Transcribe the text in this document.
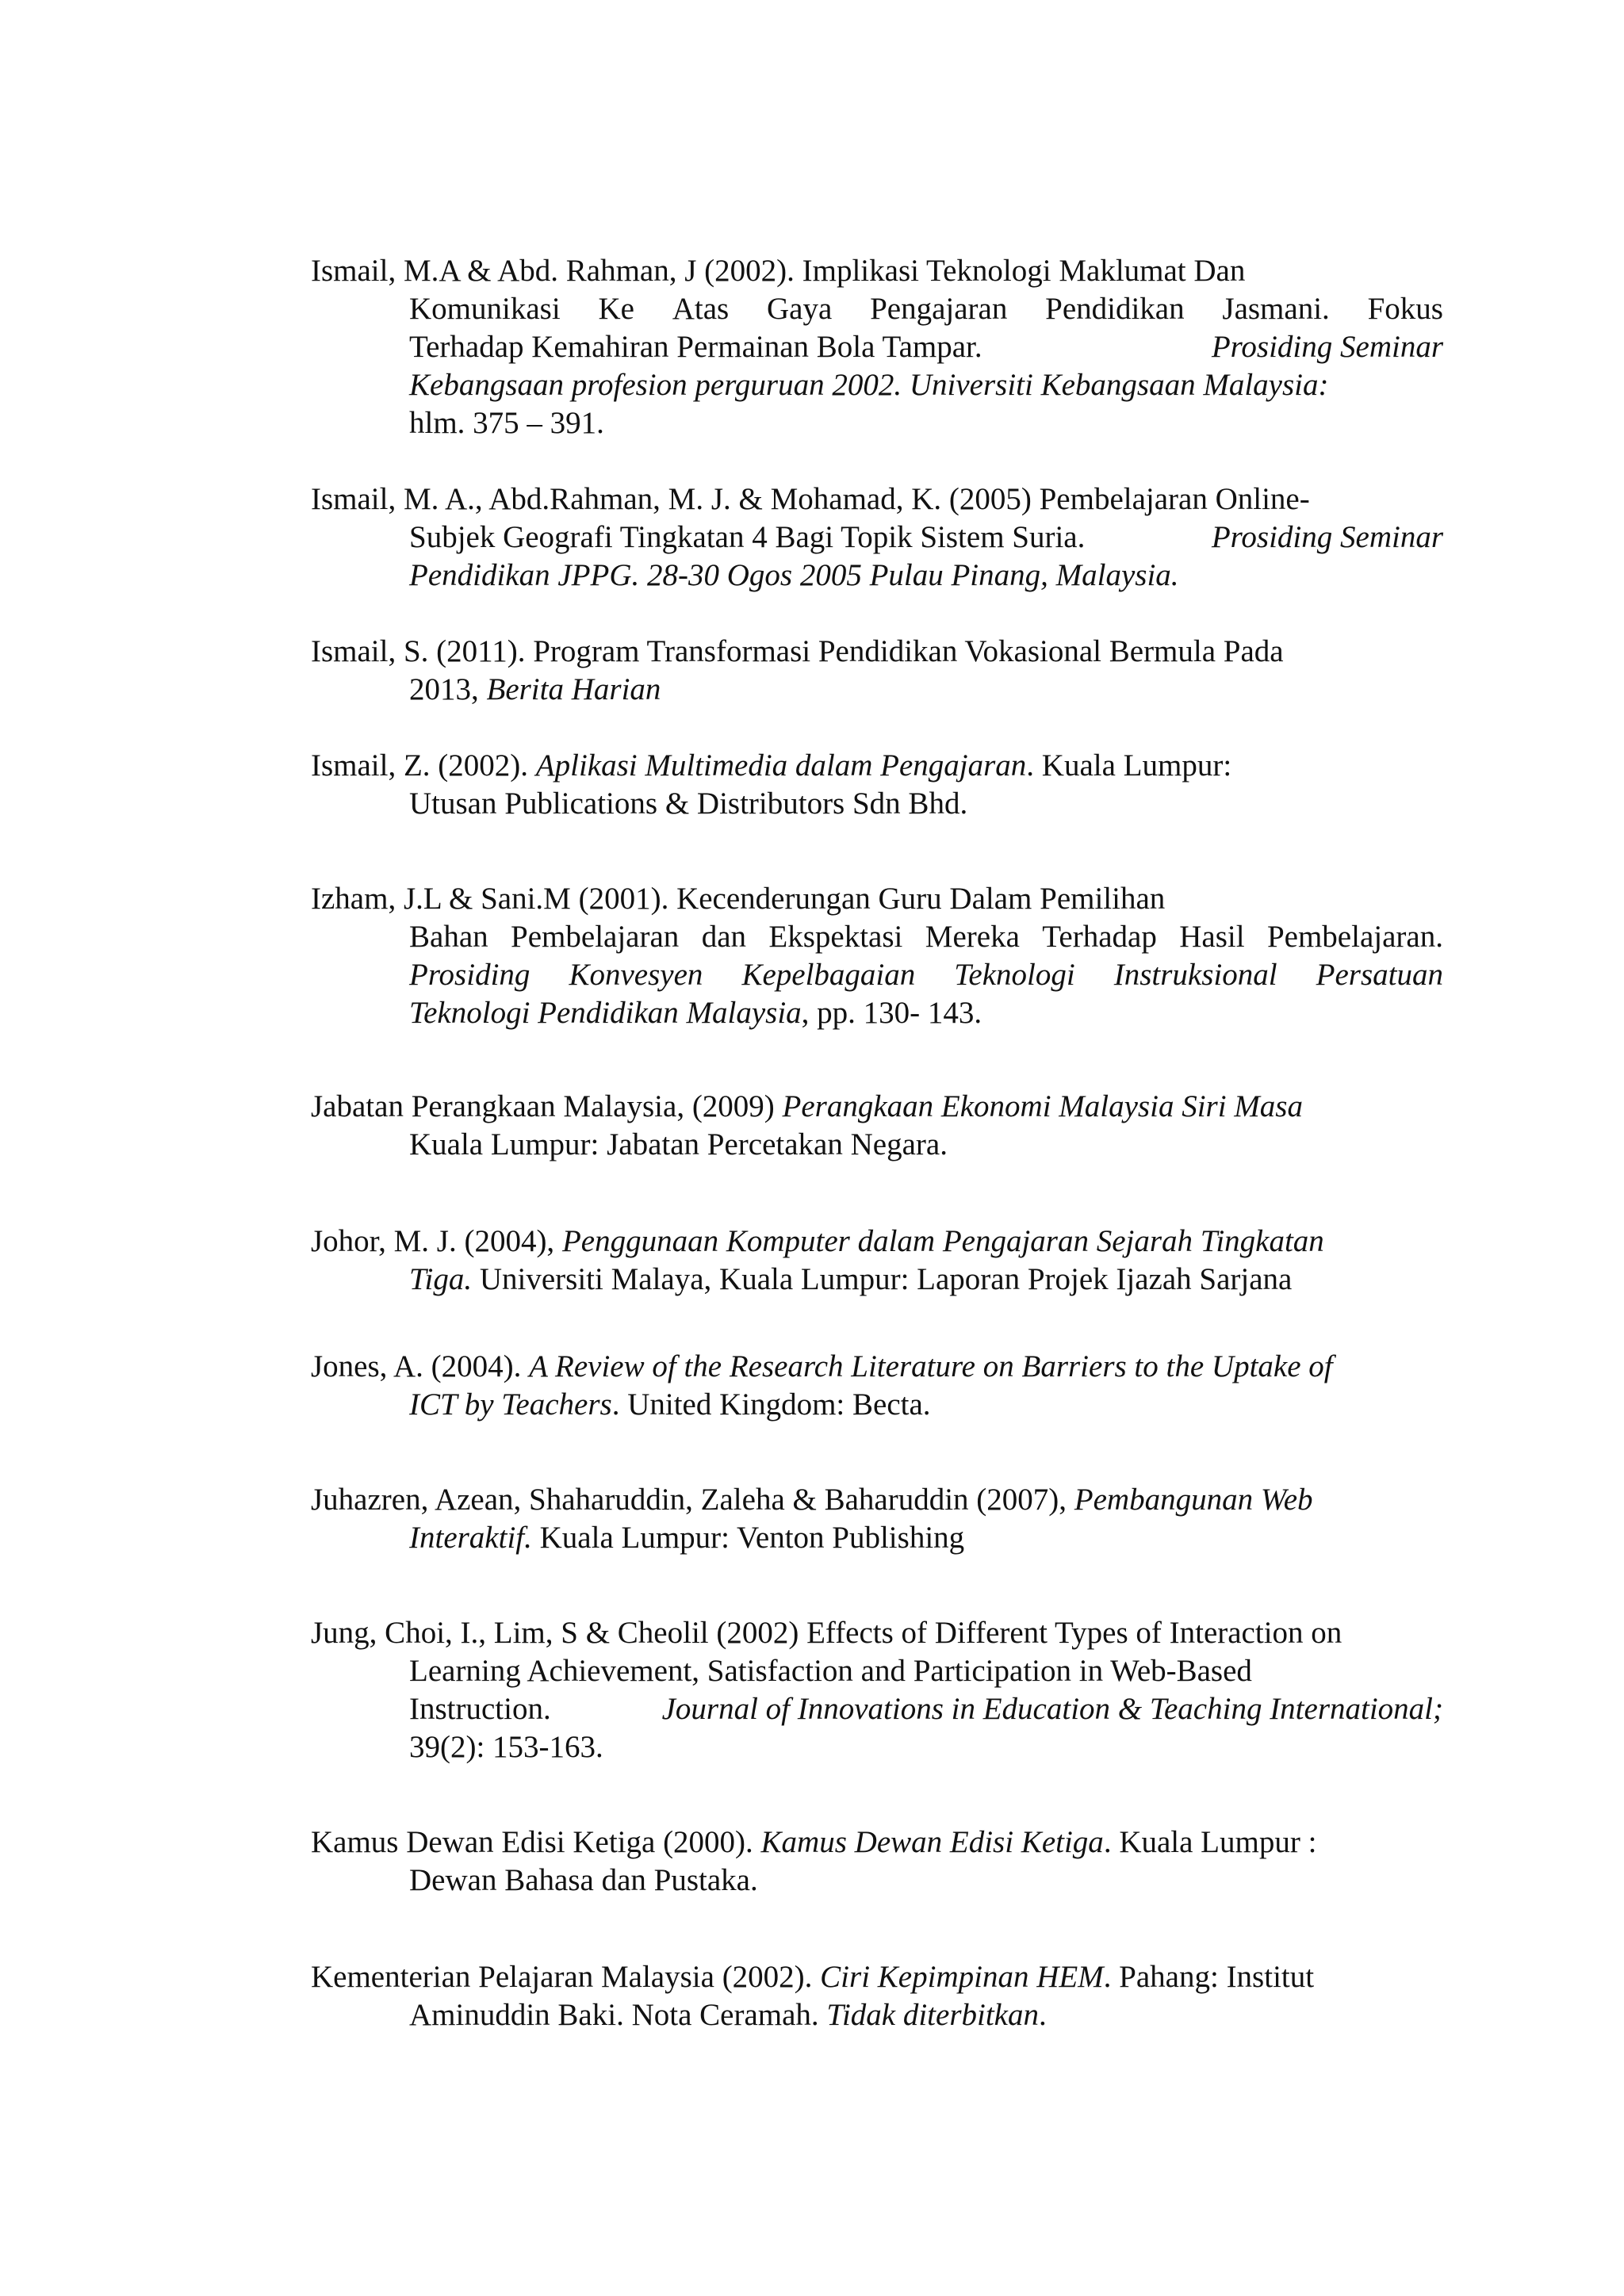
Ismail, M.A & Abd. Rahman, J (2002). Implikasi Teknologi Maklumat Dan
Komunikasi Ke Atas Gaya Pengajaran Pendidikan Jasmani. Fokus
Terhadap Kemahiran Permainan Bola Tampar.	Prosiding Seminar
Kebangsaan profesion perguruan 2002. Universiti Kebangsaan Malaysia:
hlm. 375 – 391.
Ismail, M. A., Abd.Rahman, M. J. & Mohamad, K. (2005) Pembelajaran Online-
Subjek Geografi Tingkatan 4 Bagi Topik Sistem Suria.	Prosiding Seminar
Pendidikan JPPG. 28-30 Ogos 2005 Pulau Pinang, Malaysia.
Ismail, S. (2011). Program Transformasi Pendidikan Vokasional Bermula Pada
2013, Berita Harian
Ismail, Z. (2002). Aplikasi Multimedia dalam Pengajaran. Kuala Lumpur:
Utusan Publications & Distributors Sdn Bhd.
Izham, J.L & Sani.M (2001). Kecenderungan Guru Dalam Pemilihan
Bahan Pembelajaran dan Ekspektasi Mereka Terhadap Hasil Pembelajaran.
Prosiding Konvesyen Kepelbagaian Teknologi Instruksional Persatuan
Teknologi Pendidikan Malaysia, pp. 130- 143.
Jabatan Perangkaan Malaysia, (2009) Perangkaan Ekonomi Malaysia Siri Masa
Kuala Lumpur: Jabatan Percetakan Negara.
Johor, M. J. (2004), Penggunaan Komputer dalam Pengajaran Sejarah Tingkatan
Tiga. Universiti Malaya, Kuala Lumpur: Laporan Projek Ijazah Sarjana
Jones, A. (2004). A Review of the Research Literature on Barriers to the Uptake of
ICT by Teachers. United Kingdom: Becta.
Juhazren, Azean, Shaharuddin, Zaleha & Baharuddin (2007), Pembangunan Web
Interaktif. Kuala Lumpur: Venton Publishing
Jung, Choi, I., Lim, S & Cheolil (2002) Effects of Different Types of Interaction on
Learning Achievement, Satisfaction and Participation in Web-Based
Instruction.	Journal of Innovations in Education & Teaching International;
39(2): 153-163.
Kamus Dewan Edisi Ketiga (2000). Kamus Dewan Edisi Ketiga. Kuala Lumpur :
Dewan Bahasa dan Pustaka.
Kementerian Pelajaran Malaysia (2002). Ciri Kepimpinan HEM. Pahang: Institut
Aminuddin Baki. Nota Ceramah. Tidak diterbitkan.
